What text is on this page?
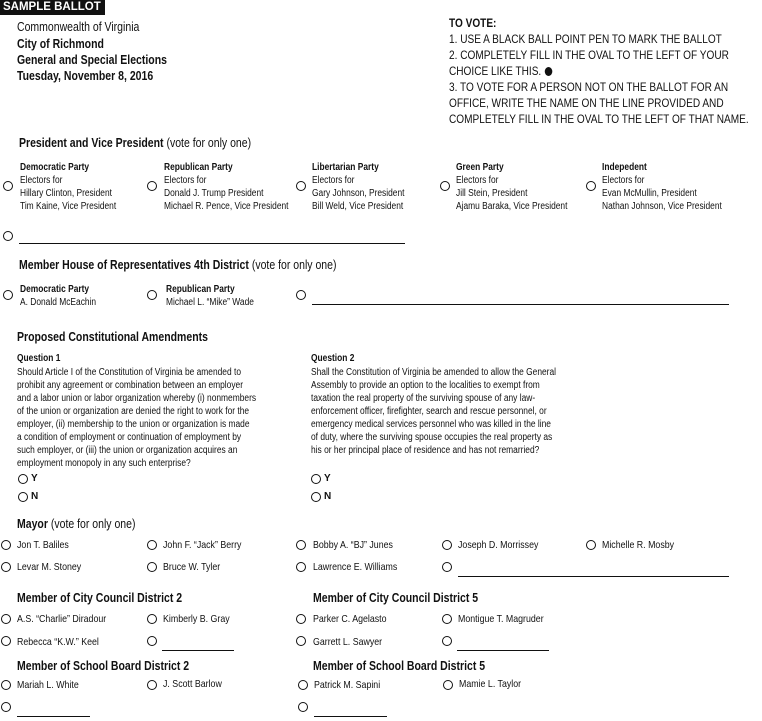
SAMPLE BALLOT
Commonwealth of Virginia
City of Richmond
General and Special Elections
Tuesday, November 8, 2016
TO VOTE:
1. USE A BLACK BALL POINT PEN TO MARK THE BALLOT
2. COMPLETELY FILL IN THE OVAL TO THE LEFT OF YOUR
CHOICE LIKE THIS.
3. TO VOTE FOR A PERSON NOT ON THE BALLOT FOR AN
OFFICE, WRITE THE NAME ON THE LINE PROVIDED AND
COMPLETELY FILL IN THE OVAL TO THE LEFT OF THAT NAME.
President and Vice President (vote for only one)
Democratic Party
Electors for
Hillary Clinton, President
Tim Kaine, Vice President
Republican Party
Electors for
Donald J. Trump President
Michael R. Pence, Vice President
Libertarian Party
Electors for
Gary Johnson, President
Bill Weld, Vice President
Green Party
Electors for
Jill Stein, President
Ajamu Baraka, Vice President
Indepedent
Electors for
Evan McMullin, President
Nathan Johnson, Vice President
Member House of Representatives 4th District (vote for only one)
Democratic Party
A. Donald McEachin
Republican Party
Michael L. “Mike” Wade
Proposed Constitutional Amendments
Question 1
Should Article I of the Constitution of Virginia be amended to
prohibit any agreement or combination between an employer
and a labor union or labor organization whereby (i) nonmembers
of the union or organization are denied the right to work for the
employer, (ii) membership to the union or organization is made
a condition of employment or continuation of employment by
such employer, or (iii) the union or organization acquires an
employment monopoly in any such enterprise?
Y
N
Question 2
Shall the Constitution of Virginia be amended to allow the General
Assembly to provide an option to the localities to exempt from
taxation the real property of the surviving spouse of any law-
enforcement officer, firefighter, search and rescue personnel, or
emergency medical services personnel who was killed in the line
of duty, where the surviving spouse occupies the real property as
his or her principal place of residence and has not remarried?
Y
N
Mayor (vote for only one)
Jon T. Baliles	John F. “Jack” Berry	Bobby A. “BJ” Junes	Joseph D. Morrissey	Michelle R. Mosby
Levar M. Stoney	Bruce W. Tyler	Lawrence E. Williams
Member of City Council District 2
A.S. “Charlie” Diradour	Kimberly B. Gray
Rebecca “K.W.” Keel
Member of City Council District 5
Parker C. Agelasto	Montigue T. Magruder
Garrett L. Sawyer
Member of School Board District 2
Mariah L. White	J. Scott Barlow
Member of School Board District 5
Patrick M. Sapini	Mamie L. Taylor
